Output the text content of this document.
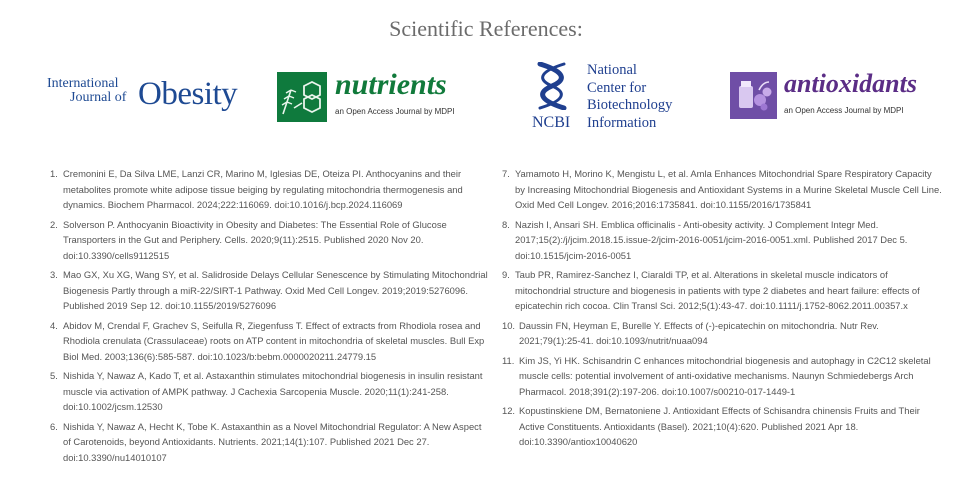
Scientific References:
International
Journal of Obesity	nutrients
an Open Access Journal by MDPI
NCBI
National
Center for
Biotechnology
Information
antioxidants
an Open Access Journal by MDPI
1. Cremonini E, Da Silva LME, Lanzi CR, Marino M, Iglesias DE, Oteiza PI. Anthocyanins and their metabolites promote white adipose tissue beiging by regulating mitochondria thermogenesis and dynamics. Biochem Pharmacol. 2024;222:116069. doi:10.1016/j.bcp.2024.116069
2. Solverson P. Anthocyanin Bioactivity in Obesity and Diabetes: The Essential Role of Glucose Transporters in the Gut and Periphery. Cells. 2020;9(11):2515. Published 2020 Nov 20. doi:10.3390/cells9112515
3. Mao GX, Xu XG, Wang SY, et al. Salidroside Delays Cellular Senescence by Stimulating Mitochondrial Biogenesis Partly through a miR-22/SIRT-1 Pathway. Oxid Med Cell Longev. 2019;2019:5276096. Published 2019 Sep 12. doi:10.1155/2019/5276096
4. Abidov M, Crendal F, Grachev S, Seifulla R, Ziegenfuss T. Effect of extracts from Rhodiola rosea and Rhodiola crenulata (Crassulaceae) roots on ATP content in mitochondria of skeletal muscles. Bull Exp Biol Med. 2003;136(6):585-587. doi:10.1023/b:bebm.0000020211.24779.15
5. Nishida Y, Nawaz A, Kado T, et al. Astaxanthin stimulates mitochondrial biogenesis in insulin resistant muscle via activation of AMPK pathway. J Cachexia Sarcopenia Muscle. 2020;11(1):241-258. doi:10.1002/jcsm.12530
6. Nishida Y, Nawaz A, Hecht K, Tobe K. Astaxanthin as a Novel Mitochondrial Regulator: A New Aspect of Carotenoids, beyond Antioxidants. Nutrients. 2021;14(1):107. Published 2021 Dec 27. doi:10.3390/nu14010107
7. Yamamoto H, Morino K, Mengistu L, et al. Amla Enhances Mitochondrial Spare Respiratory Capacity by Increasing Mitochondrial Biogenesis and Antioxidant Systems in a Murine Skeletal Muscle Cell Line. Oxid Med Cell Longev. 2016;2016:1735841. doi:10.1155/2016/1735841
8. Nazish I, Ansari SH. Emblica officinalis - Anti-obesity activity. J Complement Integr Med. 2017;15(2):/j/jcim.2018.15.issue-2/jcim-2016-0051/jcim-2016-0051.xml. Published 2017 Dec 5. doi:10.1515/jcim-2016-0051
9. Taub PR, Ramirez-Sanchez I, Ciaraldi TP, et al. Alterations in skeletal muscle indicators of mitochondrial structure and biogenesis in patients with type 2 diabetes and heart failure: effects of epicatechin rich cocoa. Clin Transl Sci. 2012;5(1):43-47. doi:10.1111/j.1752-8062.2011.00357.x
10. Daussin FN, Heyman E, Burelle Y. Effects of (-)-epicatechin on mitochondria. Nutr Rev. 2021;79(1):25-41. doi:10.1093/nutrit/nuaa094
11. Kim JS, Yi HK. Schisandrin C enhances mitochondrial biogenesis and autophagy in C2C12 skeletal muscle cells: potential involvement of anti-oxidative mechanisms. Naunyn Schmiedebergs Arch Pharmacol. 2018;391(2):197-206. doi:10.1007/s00210-017-1449-1
12. Kopustinskiene DM, Bernatoniene J. Antioxidant Effects of Schisandra chinensis Fruits and Their Active Constituents. Antioxidants (Basel). 2021;10(4):620. Published 2021 Apr 18. doi:10.3390/antiox10040620
